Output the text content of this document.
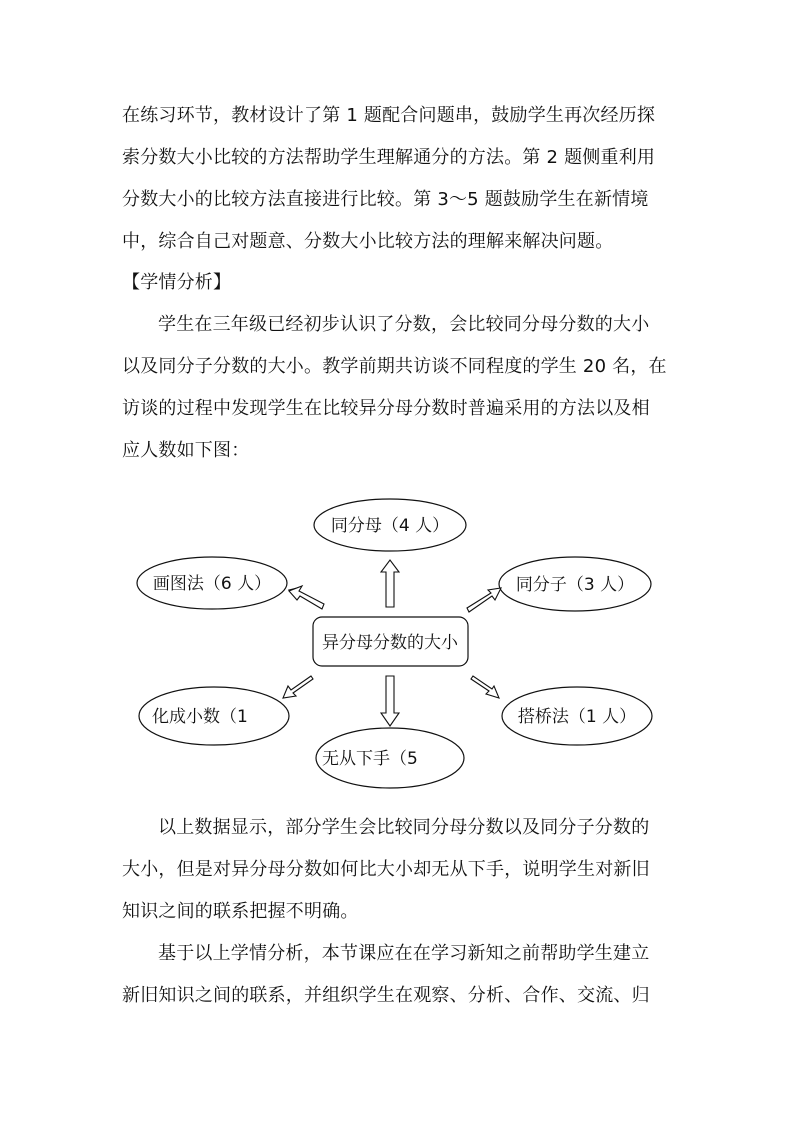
在练习环节，教材设计了第 1 题配合问题串，鼓励学生再次经历探
索分数大小比较的方法帮助学生理解通分的方法。第 2 题侧重利用
分数大小的比较方法直接进行比较。第 3～5 题鼓励学生在新情境
中，综合自己对题意、分数大小比较方法的理解来解决问题。
【学情分析】
学生在三年级已经初步认识了分数，会比较同分母分数的大小
以及同分子分数的大小。教学前期共访谈不同程度的学生 20 名，在
访谈的过程中发现学生在比较异分母分数时普遍采用的方法以及相
应人数如下图：
异分母分数的大小
同分母（4 人）
同分子（3 人）
画图法（6 人）
化成小数（1
无从下手（5
搭桥法（1 人）
以上数据显示，部分学生会比较同分母分数以及同分子分数的
大小，但是对异分母分数如何比大小却无从下手，说明学生对新旧
知识之间的联系把握不明确。
基于以上学情分析，本节课应在在学习新知之前帮助学生建立
新旧知识之间的联系，并组织学生在观察、分析、合作、交流、归
